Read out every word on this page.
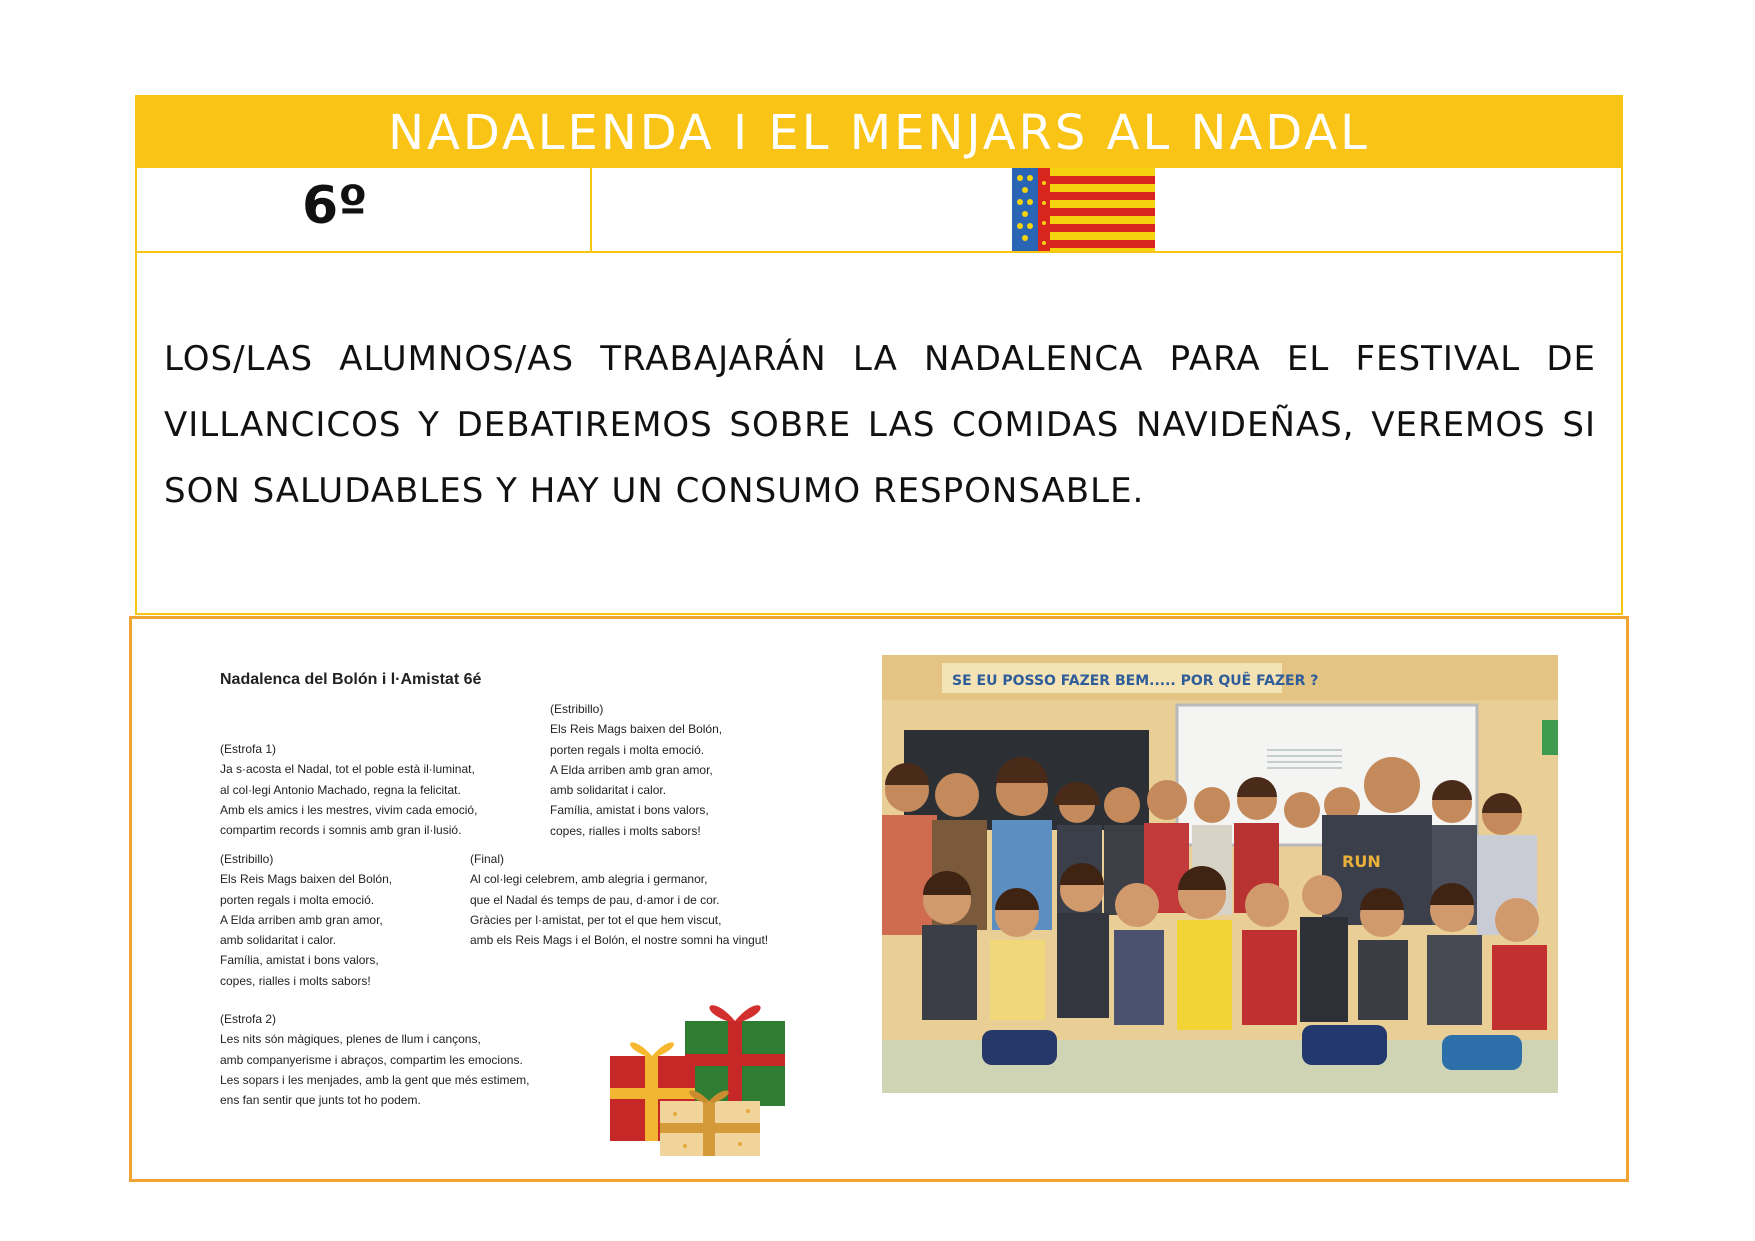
NADALENDA I EL MENJARS AL NADAL
6º

LOS/LAS ALUMNOS/AS TRABAJARÁN LA NADALENCA PARA EL FESTIVAL DE VILLANCICOS Y DEBATIREMOS SOBRE LAS COMIDAS NAVIDEÑAS, VEREMOS SI SON SALUDABLES Y HAY UN CONSUMO RESPONSABLE.

Nadalenca del Bolón i l·Amistat 6é
(Estribillo)
Els Reis Mags baixen del Bolón,
porten regals i molta emoció.
A Elda arriben amb gran amor,
amb solidaritat i calor.
Família, amistat i bons valors,
copes, rialles i molts sabors!
(Estrofa 1)
Ja s·acosta el Nadal, tot el poble està il·luminat,
al col·legi Antonio Machado, regna la felicitat.
Amb els amics i les mestres, vivim cada emoció,
compartim records i somnis amb gran il·lusió.
(Estribillo)
Els Reis Mags baixen del Bolón,
porten regals i molta emoció.
A Elda arriben amb gran amor,
amb solidaritat i calor.
Família, amistat i bons valors,
copes, rialles i molts sabors!
(Final)
Al col·legi celebrem, amb alegria i germanor,
que el Nadal és temps de pau, d·amor i de cor.
Gràcies per l·amistat, per tot el que hem viscut,
amb els Reis Mags i el Bolón, el nostre somni ha vingut!
(Estrofa 2)
Les nits són màgiques, plenes de llum i cançons,
amb companyerisme i abraços, compartim les emocions.
Les sopars i les menjades, amb la gent que més estimem,
ens fan sentir que junts tot ho podem.
SE EU POSSO FAZER BEM..... POR QUÊ FAZER ?
RUN
